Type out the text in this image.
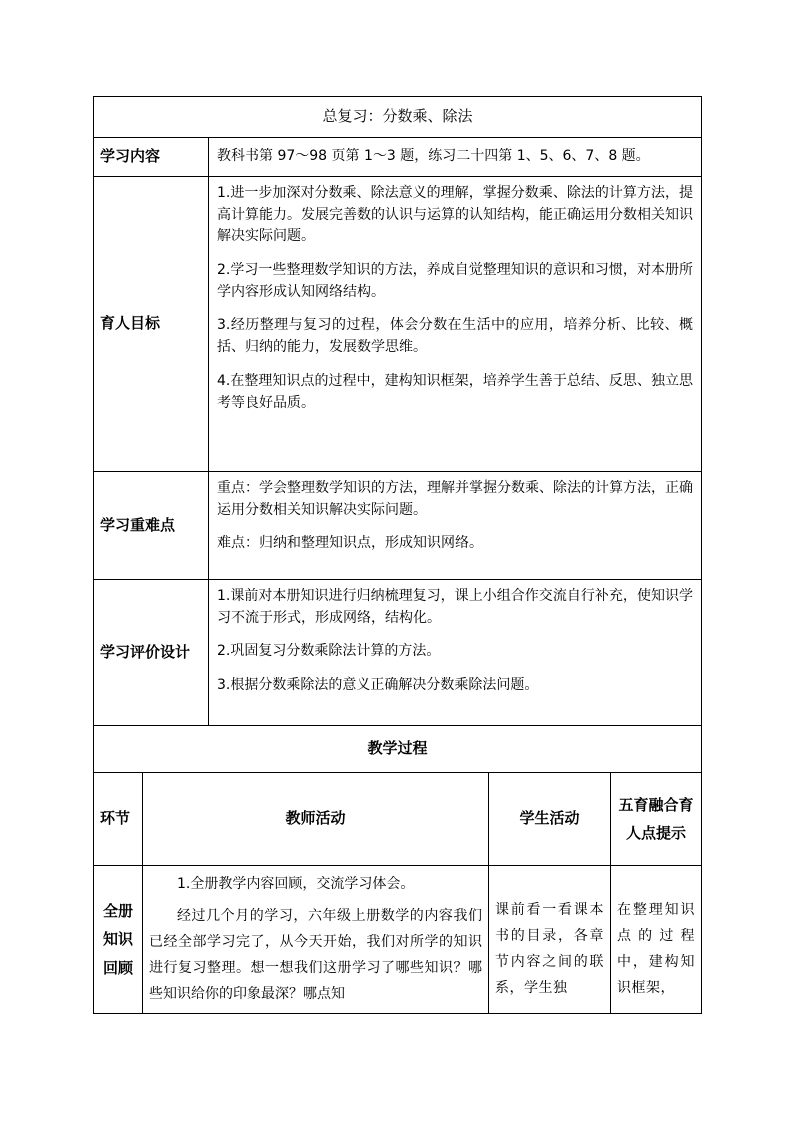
总复习：分数乘、除法				
学习内容		教科书第 97～98 页第 1～3 题，练习二十四第 1、5、6、7、8 题。		
育人目标		1.进一步加深对分数乘、除法意义的理解，掌握分数乘、除法的计算方法，提高计算能力。发展完善数的认识与运算的认知结构，能正确运用分数相关知识解决实际问题。

2.学习一些整理数学知识的方法，养成自觉整理知识的意识和习惯，对本册所学内容形成认知网络结构。

3.经历整理与复习的过程，体会分数在生活中的应用，培养分析、比较、概括、归纳的能力，发展数学思维。

4.在整理知识点的过程中，建构知识框架，培养学生善于总结、反思、独立思考等良好品质。		

学习重难点		重点：学会整理数学知识的方法，理解并掌握分数乘、除法的计算方法，正确运用分数相关知识解决实际问题。

难点：归纳和整理知识点，形成知识网络。		

学习评价设计		1.课前对本册知识进行归纳梳理复习，课上小组合作交流自行补充，使知识学习不流于形式，形成网络，结构化。

2.巩固复习分数乘除法计算的方法。

3.根据分数乘除法的意义正确解决分数乘除法问题。		

教学过程				
环节	教师活动		学生活动	五育融合育人点提示
全册知识回顾	1.全册教学内容回顾，交流学习体会。

经过几个月的学习，六年级上册数学的内容我们已经全部学习完了，从今天开始，我们对所学的知识进行复习整理。想一想我们这册学习了哪些知识？哪些知识给你的印象最深？哪点知		课前看一看课本书的目录，各章节内容之间的联系，学生独	在整理知识点的过程中，建构知识框架，
